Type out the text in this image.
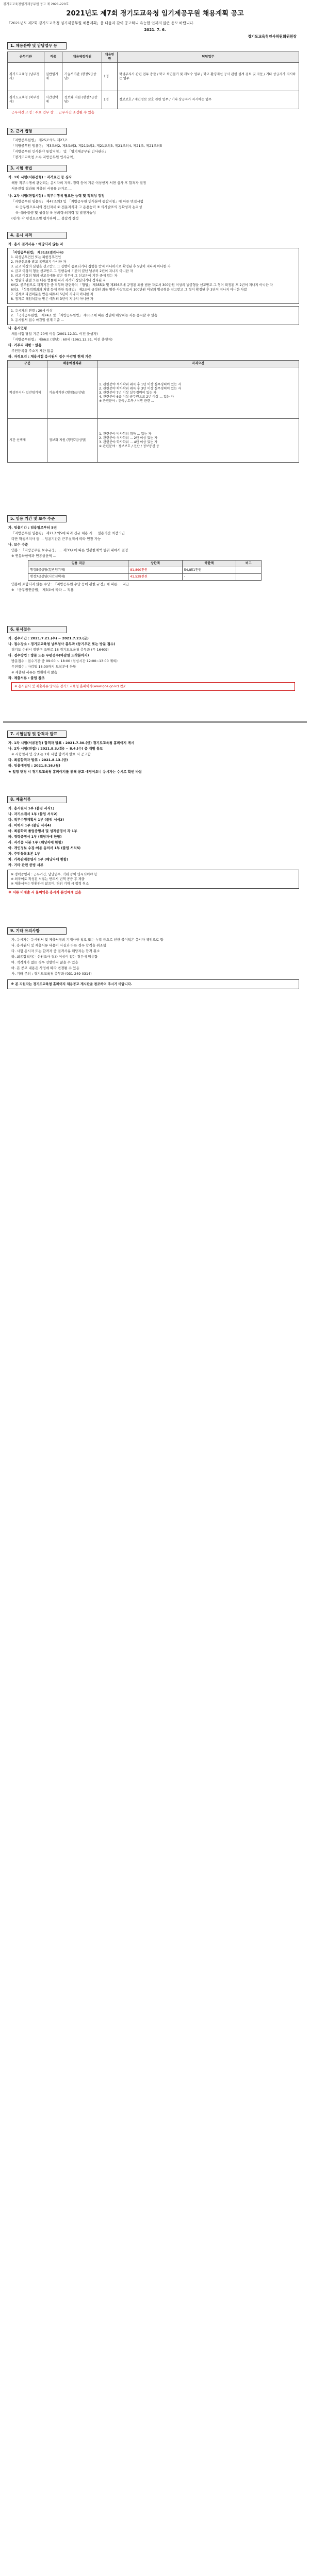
경기도교육청임기제공무원 공고 제 2021-220호
2021년도 제7회 경기도교육청 임기제공무원 채용계획 공고
「2021년도 제7회 경기도교육청 임기제공무원 채용계획」을 다음과 같이 공고하니 유능한 인재의 많은 응모 바랍니다.
2021. 7. 6.
경기도교육청인사위원회위원장
1. 채용분야 및 담당업무 등
근무기관	직종	채용예정직위	채용인원	담당업무
경기도교육청 (남부청사)	일반임기제	기술서기관 (행정5급상당)	1명	학생부지사 관련 업무 총괄 / 학교 석면철거 및 개보수 업무 / 학교 환경개선 공사 관련 설계 검토 및 자문 / 기타 상급자가 지시하는 업무
경기도교육청 (북부청사)	시간선택제	정보화 지원 (행정7급상당)	1명	정보보호 / 개인정보 보호 관련 업무 / 기타 상급자가 지시하는 업무
근무시간 조정 : 주요 업무 상 ... 근무시간 조정될 수 있음
2. 근거 법령
「지방공무원법」 제25조의5, 제27조
「지방공무원 임용령」 제3조의2, 제3조의3, 제21조의2, 제21조의3, 제21조의4, 제21조, 제21조의5
「지방공무원 인사분야 통합지침」 및 「임기제공무원 인사관리」
「경기도교육청 소속 지방공무원 인사규칙」
3. 시험 방법
가. 1차 시험(서류전형) : 자격요건 등 심사
해당 직무수행에 관련되는 응시자의 자격, 경력 등이 기준 이상인지 서면 심사 후 합격자 결정
서류전형 결과를 제출된 서류를 근거로 ...
나. 2차 시험(면접시험) : 직무수행에 필요한 능력 및 적격성 검정
「지방공무원 임용령」 제47조의3 및 「지방공무원 인사분야 통합지침」에 따른 면접시험
① 공무원으로서의 정신자세 ② 전문지식과 그 응용능력 ③ 의사발표의 정확성과 논리성
④ 예의·품행 및 성실성 ⑤ 창의력·의지력 및 발전가능성
(평가) 각 평정요소별 평가하여 ... 불합격 결정
4. 응시 자격
가. 응시 결격사유 : 해당되지 않는 자
「지방공무원법」 제31조(결격사유)
1. 피성년후견인 또는 피한정후견인
2. 파산선고를 받고 복권되지 아니한 자
3. 금고 이상의 실형을 선고받고 그 집행이 종료되거나 집행을 받지 아니하기로 확정된 후 5년이 지나지 아니한 자
4. 금고 이상의 형을 선고받고 그 집행유예 기간이 끝난 날부터 2년이 지나지 아니한 자
5. 금고 이상의 형의 선고유예를 받은 경우에 그 선고유예 기간 중에 있는 자
6. 법원의 판결 또는 다른 법률에 따라 자격이 상실되거나 정지된 자
6의2. 공무원으로 재직기간 중 직무와 관련하여 「형법」 제355조 및 제356조에 규정된 죄를 범한 자로서 300만원 이상의 벌금형을 선고받고 그 형이 확정된 후 2년이 지나지 아니한 자
6의3. 「성폭력범죄의 처벌 등에 관한 특례법」 제2조에 규정된 죄를 범한 사람으로서 100만원 이상의 벌금형을 선고받고 그 형이 확정된 후 3년이 지나지 아니한 사람
7. 징계로 파면처분을 받은 때부터 5년이 지나지 아니한 자
8. 징계로 해임처분을 받은 때부터 3년이 지나지 아니한 자
1. 응시자의 연령 : 20세 이상
2. 「국가공무원법」 제74조 및 「지방공무원법」 제66조에 따른 정년에 해당하는 자는 응시할 수 없음
3. 응시원서 접수 마감일 현재 기준 ...
나. 응시연령
채용시험 당일 기준 20세 이상 (2001.12.31. 이전 출생자)
「지방공무원법」 제66조 (정년) : 60세 (1961.12.31. 이전 출생자)
다. 거주지 제한 : 없음
주민등록상 주소지 제한 없음
라. 자격요건 : 채용시험 응시원서 접수 마감일 현재 기준
구분	채용예정직위	자격요건
학생부지사 일반임기제	기술서기관 (행정5급상당)	1. 관련분야 석사학위 취득 후 1년 이상 실무경력이 있는 자
2. 관련분야 학사학위 취득 후 3년 이상 실무경력이 있는 자
3. 관련분야 7년 이상 실무경력이 있는 자
4. 관련분야 6급 이상 공무원으로 2년 이상 ... 있는 자
※ 관련분야 : 건축 / 토목 / 석면 관련 ...
시간 선택제	정보화 지원 (행정7급상당)	1. 관련분야 박사학위 취득 ... 있는 자
2. 관련분야 석사학위 ... 2년 이상 있는 자
3. 관련분야 학사학위 ... 4년 이상 있는 자
※ 관련분야 : 정보보호 / 전산 / 정보통신 등
5. 임용 기간 및 보수 수준
가. 임용기간 : 임용일로부터 5년
「지방공무원 임용령」 제21조의5에 따라 신규 채용 시 ... 임용기간 최장 5년
다만 학생부지사 등 ... 임용기간은 근무실적에 따라 연장 가능
나. 보수 수준
연봉 : 「지방공무원 보수규정」 ... 제33조에 따른 연봉한계액 범위 내에서 결정
※ 연봉하한액과 연봉상한액 ...
임용 직급	상한액	하한액	비고
행정5급상당(일반임기제)	81,890천원	54,851천원	
행정7급상당(시간선택제)	41,529천원	-	
연봉에 포함되지 않는 수당 : 「지방공무원 수당 등에 관한 규정」에 따른 ... 지급
※ 「공무원연금법」 제3조에 따라 ... 적용
6. 원서접수
가. 접수기간 : 2021.7.21.(수) ~ 2021.7.23.(금)
나. 접수장소 : 경기도교육청 남부청사 총무과 (등기우편 또는 방문 접수)
경기도 수원시 장안구 조원로 18 경기도교육청 총무과 (우 16409)
다. 접수방법 : 방문 또는 우편접수(마감일 도착분까지)
방문접수 : 접수기간 중 09:00 ~ 18:00 (점심시간 12:00~13:00 제외)
우편접수 : 마감일 18:00까지 도착분에 한함
※ 제출된 서류는 반환하지 않음
라. 제출서류 : 붙임 참조
※ 응시원서 및 제출서류 양식은 경기도교육청 홈페이지(www.goe.go.kr) 참조
7. 시험일정 및 합격자 발표
가. 1차 시험(서류전형) 합격자 발표 : 2021.7.30.(금) 경기도교육청 홈페이지 게시
나. 2차 시험(면접) : 2021.8.3.(화) ~ 8.4.(수) 중 개별 통보
※ 시험일시 및 장소는 1차 시험 합격자 발표 시 공고함
다. 최종합격자 발표 : 2021.8.13.(금)
라. 임용예정일 : 2021.8.16.(월)
★ 일정 변경 시 경기도교육청 홈페이지를 통해 공고 예정이오니 응시자는 수시로 확인 바람
8. 제출서류
가. 응시원서 1부 (붙임 서식1)
나. 자기소개서 1부 (붙임 서식2)
다. 직무수행계획서 1부 (붙임 서식3)
라. 이력서 1부 (붙임 서식4)
마. 최종학력 졸업증명서 및 성적증명서 각 1부
바. 경력증명서 1부 (해당자에 한함)
사. 자격증 사본 1부 (해당자에 한함)
아. 개인정보 수집·이용 동의서 1부 (붙임 서식5)
자. 주민등록초본 1부
차. 가족관계증명서 1부 (해당자에 한함)
카. 기타 관련 증빙 서류
※ 경력증명서 : 근무기간, 담당업무, 직위 등이 명시되어야 함
※ 외국어로 작성된 서류는 반드시 번역 공증 후 제출
※ 제출서류는 반환하지 않으며, 허위 기재 시 합격 취소
※ 서류 미제출 시 불이익은 응시자 본인에게 있음
9. 기타 유의사항
가. 응시자는 응시원서 및 제출서류의 기재사항 착오 또는 누락 등으로 인한 불이익은 응시자 책임으로 함
나. 응시원서 및 제출서류 내용이 사실과 다른 경우 합격을 취소함
다. 시험 응시자 또는 합격자 중 결격사유 해당자는 합격 취소
라. 최종합격자는 신원조사 결과 이상이 없는 경우에 임용함
마. 적격자가 없는 경우 선발하지 않을 수 있음
바. 본 공고 내용은 사정에 따라 변경될 수 있음
사. 기타 문의 : 경기도교육청 총무과 (031-249-0314)
※ 본 지원자는 경기도교육청 홈페이지 채용공고 게시판을 참조하여 주시기 바랍니다.
